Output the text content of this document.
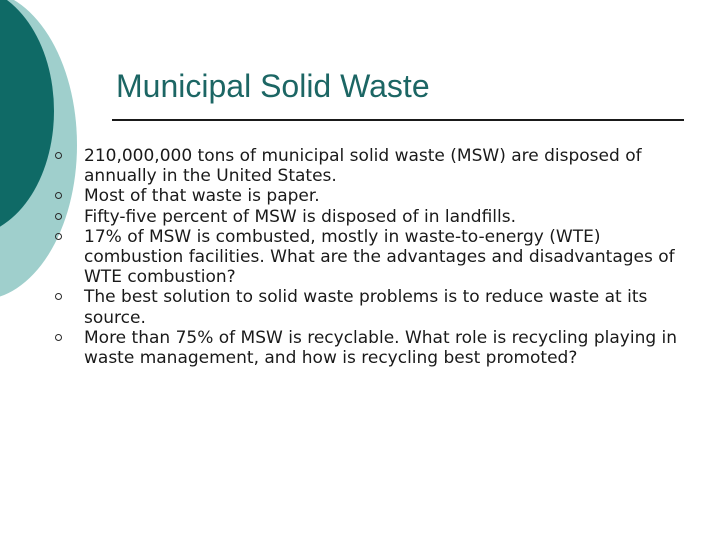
Municipal Solid Waste
210,000,000 tons of municipal solid waste (MSW) are disposed of annually in the United States.
Most of that waste is paper.
Fifty-five percent of MSW is disposed of in landfills.
17% of MSW is combusted, mostly in waste-to-energy (WTE) combustion facilities. What are the advantages and disadvantages of WTE combustion?
The best solution to solid waste problems is to reduce waste at its source.
More than 75% of MSW is recyclable. What role is recycling playing in waste management, and how is recycling best promoted?
